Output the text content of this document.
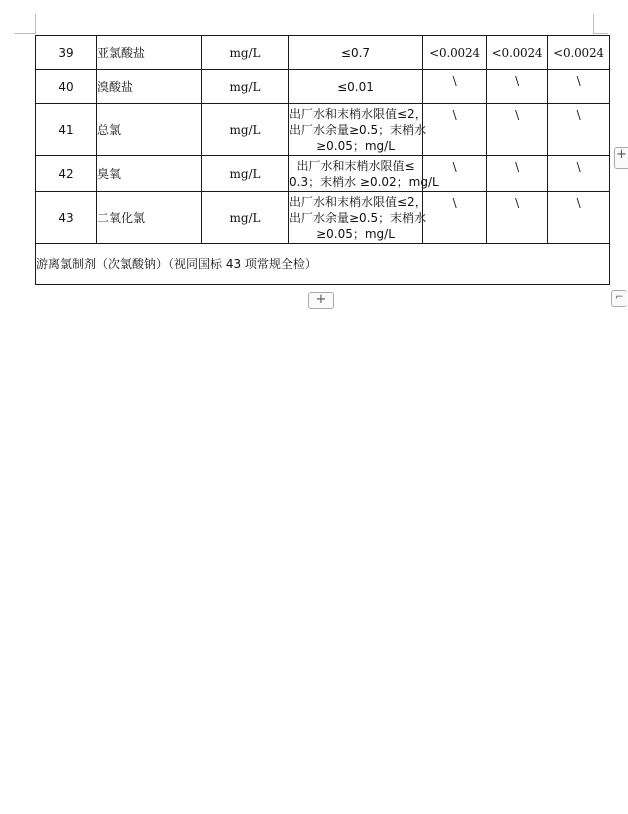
39	亚氯酸盐	mg/L	≤0.7	<0.0024	<0.0024	<0.0024
40	溴酸盐	mg/L	≤0.01	\	\	\
41	总氯	mg/L	出厂水和末梢水限值≤2，
出厂水余量≥0.5；末梢水
≥0.05；mg/L	\	\	\
42	臭氧	mg/L	出厂水和末梢水限值≤
0.3；末梢水 ≥0.02；mg/L	\	\	\
43	二氧化氯	mg/L	出厂水和末梢水限值≤2，
出厂水余量≥0.5；末梢水
≥0.05；mg/L	\	\	\
游离氯制剂（次氯酸钠）（视同国标 43 项常规全检）						
+
+
⌐
